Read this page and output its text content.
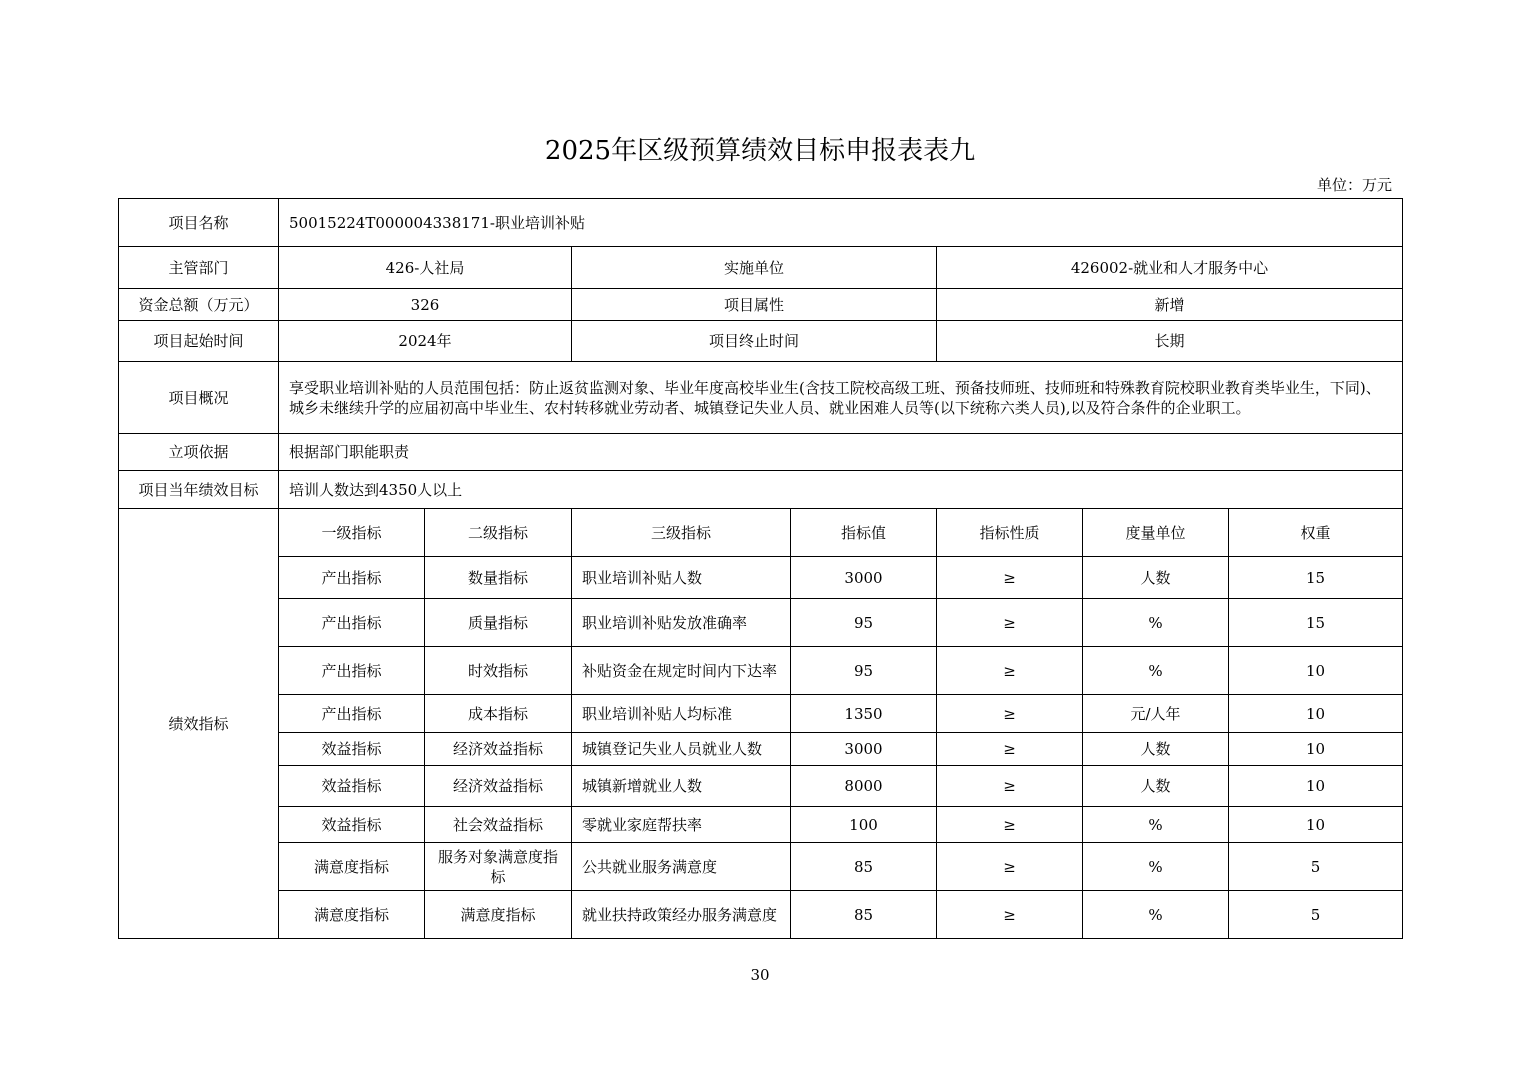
2025年区级预算绩效目标申报表表九
单位：万元
项目名称	50015224T000004338171-职业培训补贴						
主管部门	426-人社局		实施单位		426002-就业和人才服务中心		
资金总额（万元）	326		项目属性		新增		
项目起始时间	2024年		项目终止时间		长期		
项目概况	享受职业培训补贴的人员范围包括：防止返贫监测对象、毕业年度高校毕业生(含技工院校高级工班、预备技师班、技师班和特殊教育院校职业教育类毕业生，下同)、城乡未继续升学的应届初高中毕业生、农村转移就业劳动者、城镇登记失业人员、就业困难人员等(以下统称六类人员),以及符合条件的企业职工。						
立项依据	根据部门职能职责						
项目当年绩效目标	培训人数达到4350人以上						
绩效指标	一级指标	二级指标	三级指标	指标值	指标性质	度量单位	权重
	产出指标	数量指标	职业培训补贴人数	3000	≥	人数	15
	产出指标	质量指标	职业培训补贴发放准确率	95	≥	%	15
	产出指标	时效指标	补贴资金在规定时间内下达率	95	≥	%	10
	产出指标	成本指标	职业培训补贴人均标准	1350	≥	元/人年	10
	效益指标	经济效益指标	城镇登记失业人员就业人数	3000	≥	人数	10
	效益指标	经济效益指标	城镇新增就业人数	8000	≥	人数	10
	效益指标	社会效益指标	零就业家庭帮扶率	100	≥	%	10
	满意度指标	服务对象满意度指标	公共就业服务满意度	85	≥	%	5
	满意度指标	满意度指标	就业扶持政策经办服务满意度	85	≥	%	5
30
